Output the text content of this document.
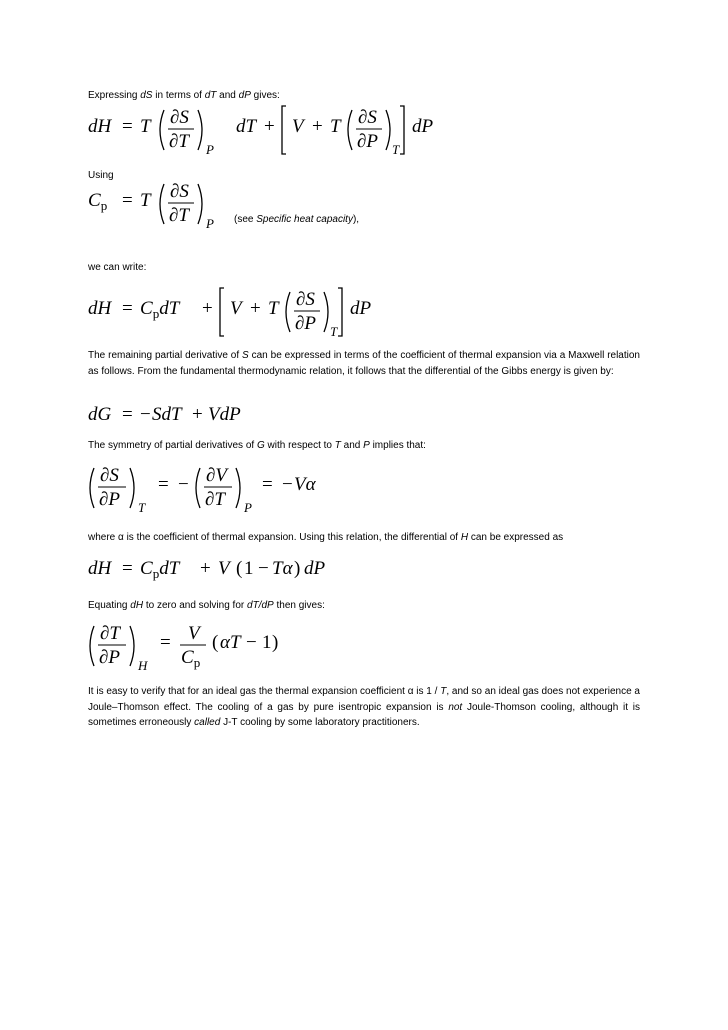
Expressing dS in terms of dT and dP gives:
dH = T ∂S
∂T P
dT + V + T ∂S
∂P T
dP
Using
$C_p = T$ ∂S
∂T P (see Specific heat capacity),
we can write:
dH = $C_pdT + V + T$ ∂S
∂P T
dP
The remaining partial derivative of S can be expressed in terms of the coefficient of thermal expansion via a Maxwell relation as follows. From the fundamental thermodynamic relation, it follows that the differential of the Gibbs energy is given by:
dG = − SdT + VdP
The symmetry of partial derivatives of G with respect to T and P implies that:
∂S
∂P T
= − ∂V
∂T P
= − Vα
where α is the coefficient of thermal expansion. Using this relation, the differential of H can be expressed as
dH = $C_pdT + V$ ( 1 − Tα ) dP
Equating dH to zero and solving for dT/dP then gives:
∂T
∂P H
= V
$C_p$
( αT − 1 )
It is easy to verify that for an ideal gas the thermal expansion coefficient α is 1 / T, and so an ideal gas does not experience a Joule–Thomson effect. The cooling of a gas by pure isentropic expansion is not Joule-Thomson cooling, although it is sometimes erroneously called J-T cooling by some laboratory practitioners.
